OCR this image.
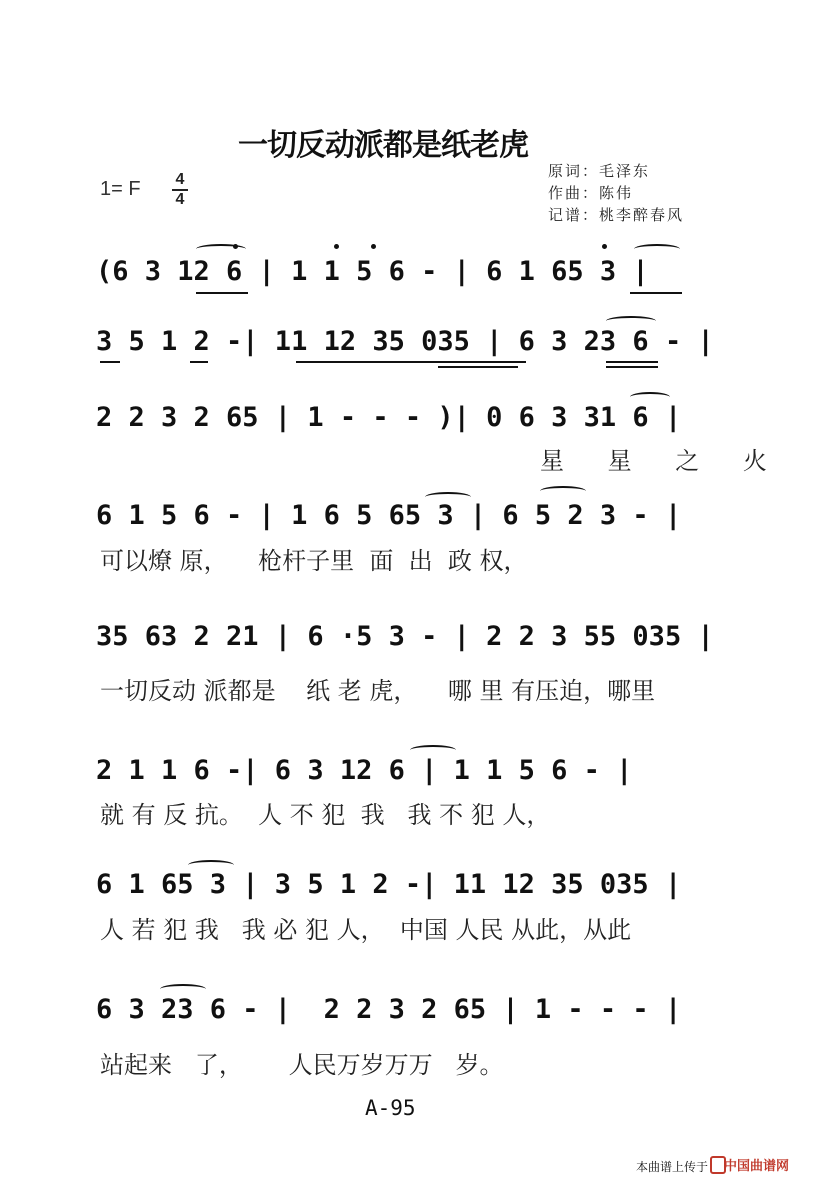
一切反动派都是纸老虎
1= F 4
4
原词：毛泽东
作曲：陈伟
记谱：桃李醉春风
(6 3 12 6 | 1 1 5 6 - | 6 1 65 3 |
3 5 1 2 -| 11 12 35 035 | 6 3 23 6 - |
2 2 3 2 65 | 1 - - - )| 0 6 3 31 6 |
星 星 之 火
6 1 5 6 - | 1 6 5 65 3 | 6 5 2 3 - |
可以燎 原，    枪杆子里  面  出  政 权，
35 63 2 21 | 6 ·5 3 - | 2 2 3 55 035 |
一切反动 派都是    纸 老 虎，    哪 里 有压迫，哪里
2 1 1 6 -| 6 3 12 6 | 1 1 5 6 - |
就 有 反 抗。  人 不 犯  我   我 不 犯 人，
6 1 65 3 | 3 5 1 2 -| 11 12 35 035 |
人 若 犯 我   我 必 犯 人，  中国 人民 从此，从此
6 3 23 6 - |  2 2 3 2 65 | 1 - - - |
站起来   了，      人民万岁万万   岁。
A-95
本曲谱上传于 中国曲谱网
